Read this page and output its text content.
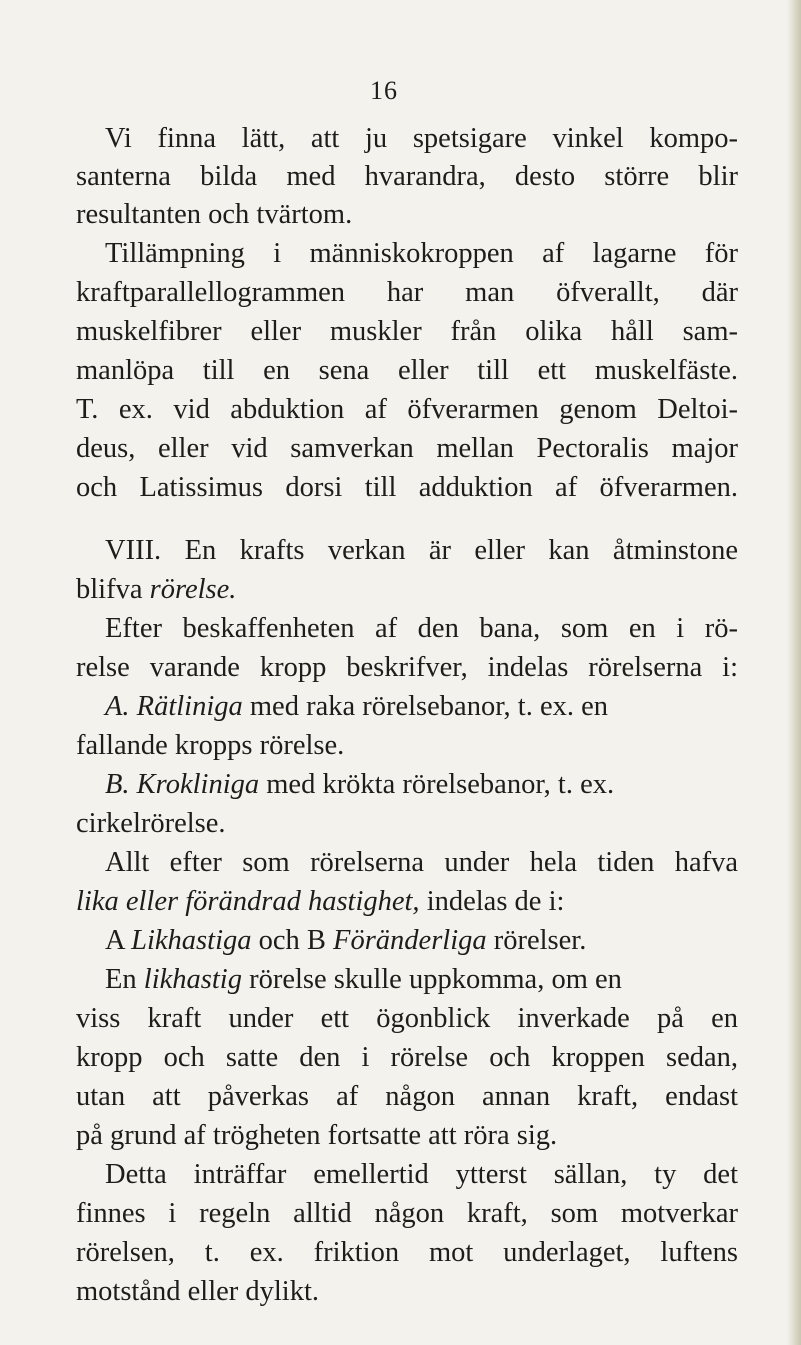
16
Vi finna lätt, att ju spetsigare vinkel kompo-
santerna bilda med hvarandra, desto större blir
resultanten och tvärtom.
Tillämpning i människokroppen af lagarne för
kraftparallellogrammen har man öfverallt, där
muskelfibrer eller muskler från olika håll sam-
manlöpa till en sena eller till ett muskelfäste.
T. ex. vid abduktion af öfverarmen genom Deltoi-
deus, eller vid samverkan mellan Pectoralis major
och Latissimus dorsi till adduktion af öfverarmen.
VIII. En krafts verkan är eller kan åtminstone
blifva rörelse.
Efter beskaffenheten af den bana, som en i rö-
relse varande kropp beskrifver, indelas rörelserna i:
A. Rätliniga med raka rörelsebanor, t. ex. en
fallande kropps rörelse.
B. Krokliniga med krökta rörelsebanor, t. ex.
cirkelrörelse.
Allt efter som rörelserna under hela tiden hafva
lika eller förändrad hastighet, indelas de i:
A Likhastiga och B Föränderliga rörelser.
En likhastig rörelse skulle uppkomma, om en
viss kraft under ett ögonblick inverkade på en
kropp och satte den i rörelse och kroppen sedan,
utan att påverkas af någon annan kraft, endast
på grund af trögheten fortsatte att röra sig.
Detta inträffar emellertid ytterst sällan, ty det
finnes i regeln alltid någon kraft, som motverkar
rörelsen, t. ex. friktion mot underlaget, luftens
motstånd eller dylikt.
